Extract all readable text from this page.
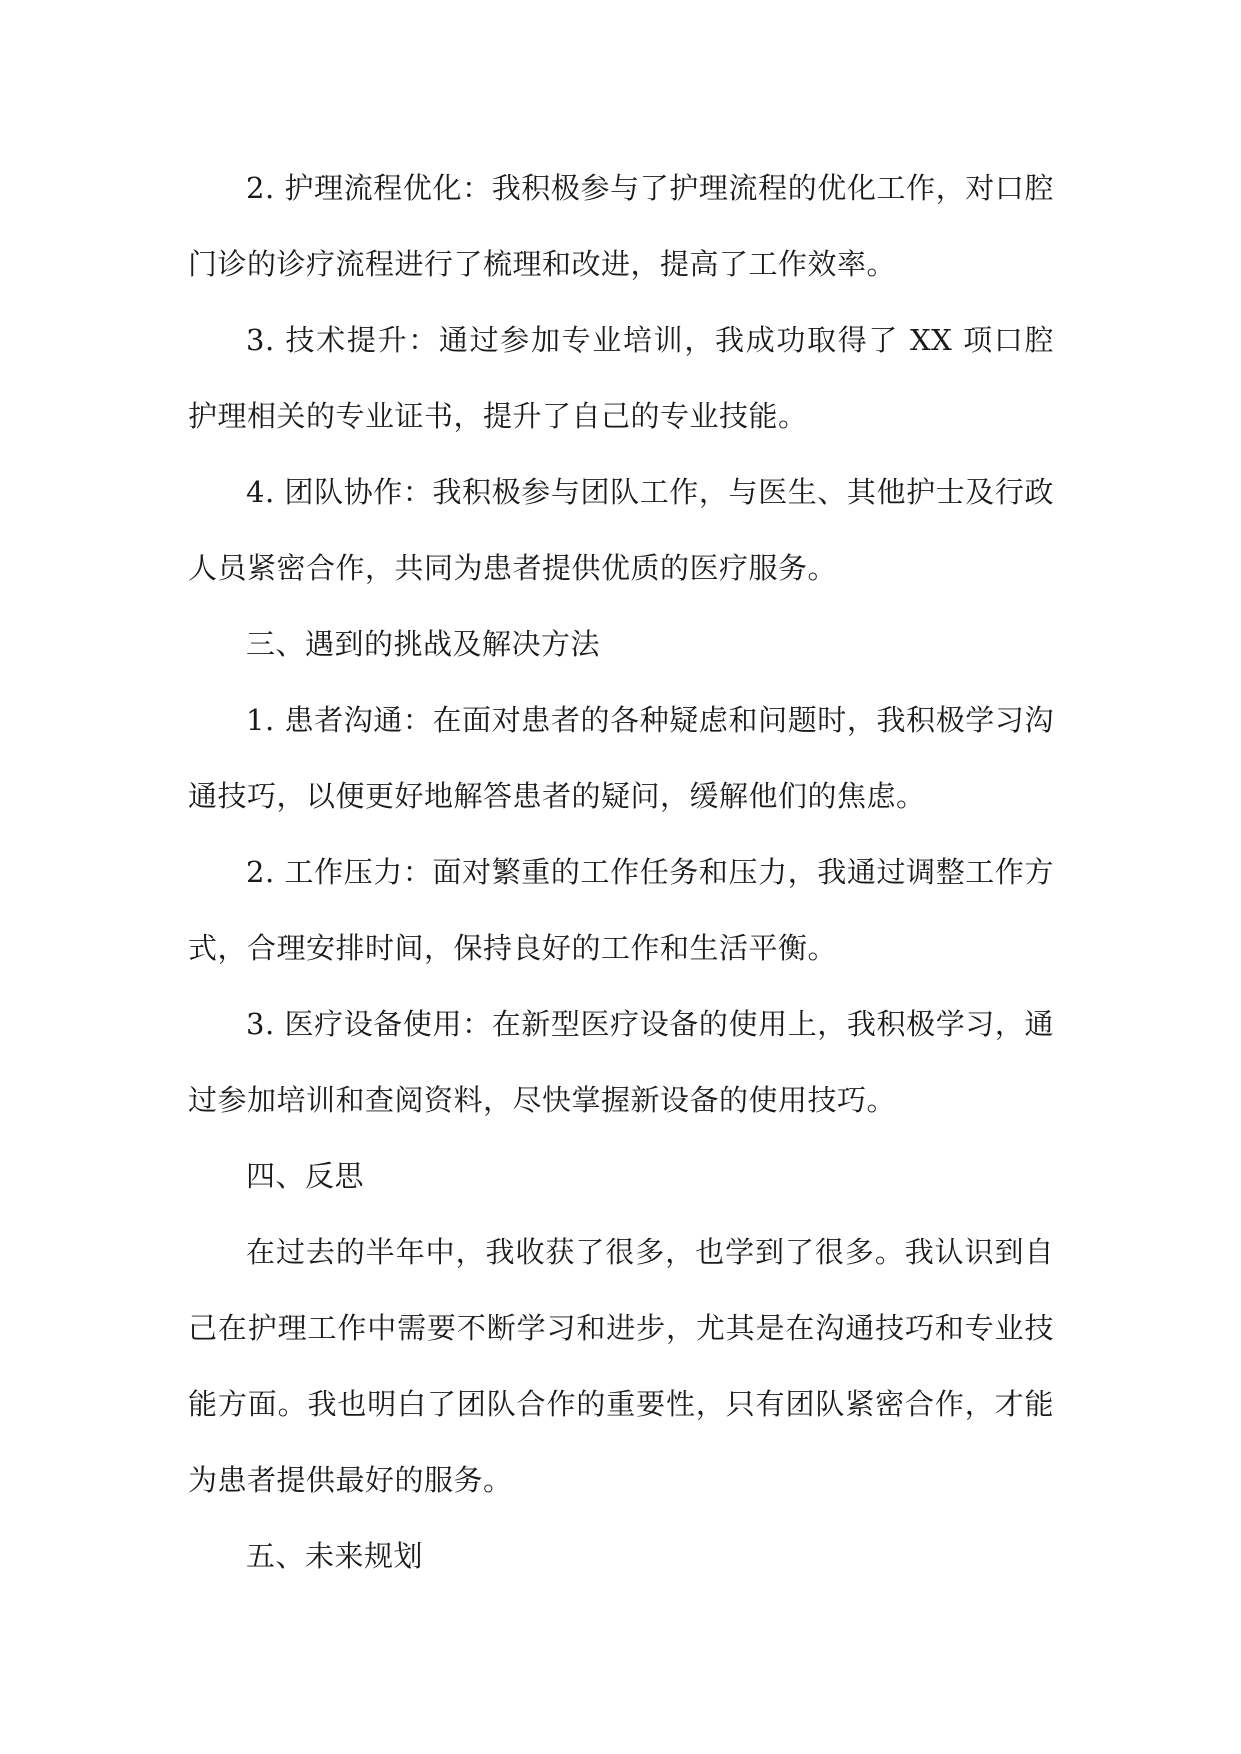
2. 护理流程优化：我积极参与了护理流程的优化工作，对口腔门诊的诊疗流程进行了梳理和改进，提高了工作效率。

3. 技术提升：通过参加专业培训，我成功取得了 XX 项口腔护理相关的专业证书，提升了自己的专业技能。

4. 团队协作：我积极参与团队工作，与医生、其他护士及行政人员紧密合作，共同为患者提供优质的医疗服务。

三、遇到的挑战及解决方法

1. 患者沟通：在面对患者的各种疑虑和问题时，我积极学习沟通技巧，以便更好地解答患者的疑问，缓解他们的焦虑。

2. 工作压力：面对繁重的工作任务和压力，我通过调整工作方式，合理安排时间，保持良好的工作和生活平衡。

3. 医疗设备使用：在新型医疗设备的使用上，我积极学习，通过参加培训和查阅资料，尽快掌握新设备的使用技巧。

四、反思

在过去的半年中，我收获了很多，也学到了很多。我认识到自己在护理工作中需要不断学习和进步，尤其是在沟通技巧和专业技能方面。我也明白了团队合作的重要性，只有团队紧密合作，才能为患者提供最好的服务。

五、未来规划
